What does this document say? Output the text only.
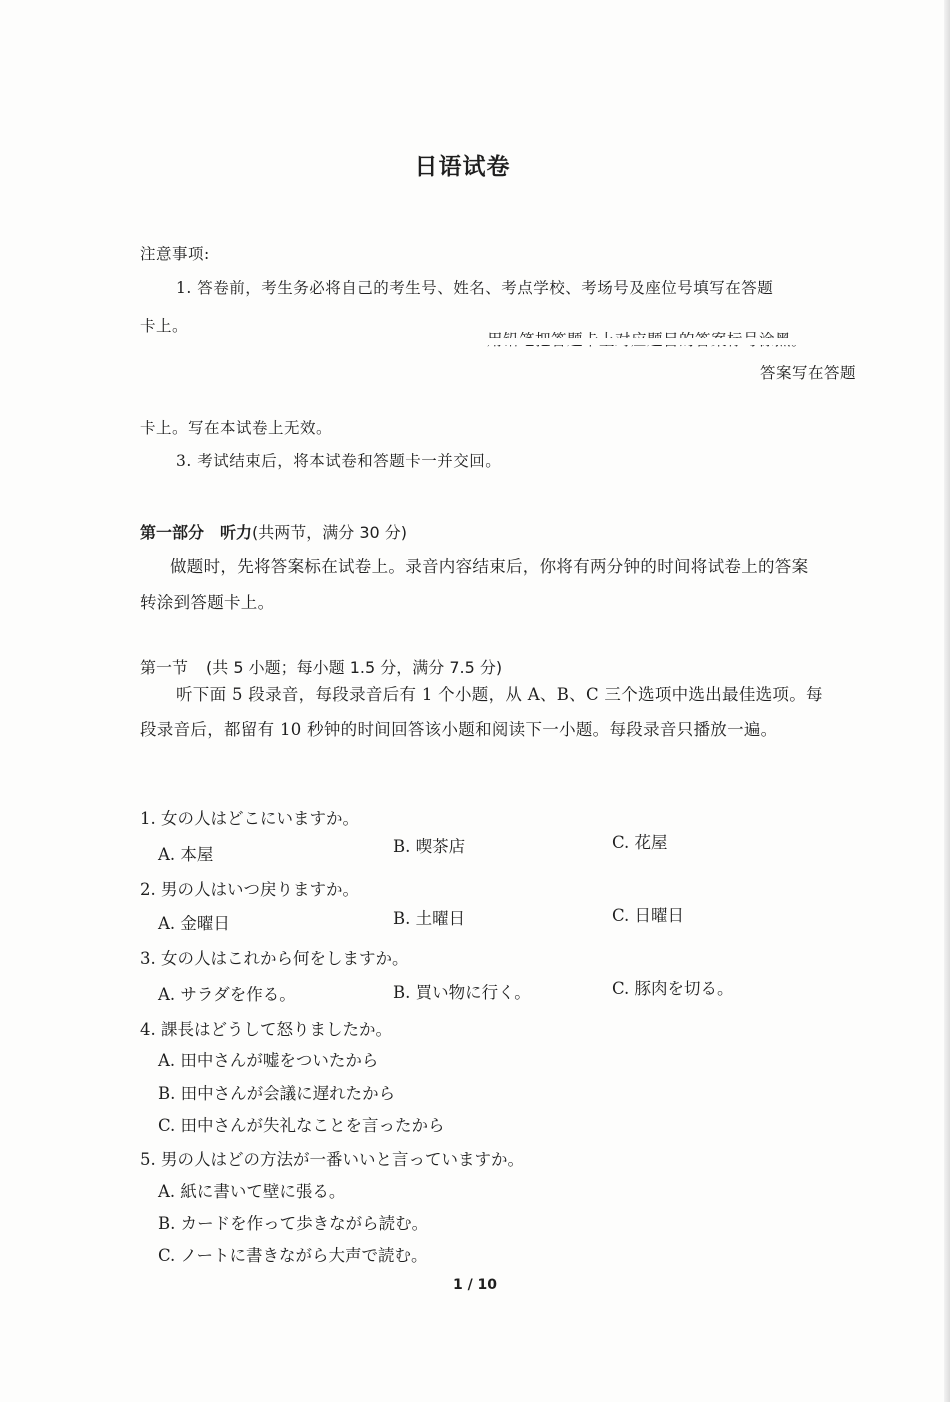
日语试卷
注意事项:
1. 答卷前，考生务必将自己的考生号、姓名、考点学校、考场号及座位号填写在答题
卡上。
答案写在答题
卡上。写在本试卷上无效。
3. 考试结束后，将本试卷和答题卡一并交回。
第一部分　听力(共两节，满分 30 分)
做题时，先将答案标在试卷上。录音内容结束后，你将有两分钟的时间将试卷上的答案
转涂到答题卡上。
第一节 (共 5 小题；每小题 1.5 分，满分 7.5 分)
听下面 5 段录音，每段录音后有 1 个小题，从 A、B、C 三个选项中选出最佳选项。每
段录音后，都留有 10 秒钟的时间回答该小题和阅读下一小题。每段录音只播放一遍。
1. 女の人はどこにいますか。
A. 本屋	B. 喫茶店	C. 花屋
2. 男の人はいつ戻りますか。
A. 金曜日	B. 土曜日	C. 日曜日
3. 女の人はこれから何をしますか。
A. サラダを作る。	B. 買い物に行く。	C. 豚肉を切る。
4. 課長はどうして怒りましたか。
A. 田中さんが嘘をついたから
B. 田中さんが会議に遅れたから
C. 田中さんが失礼なことを言ったから
5. 男の人はどの方法が一番いいと言っていますか。
A. 紙に書いて壁に張る。
B. カードを作って歩きながら読む。
C. ノートに書きながら大声で読む。
1 / 10
